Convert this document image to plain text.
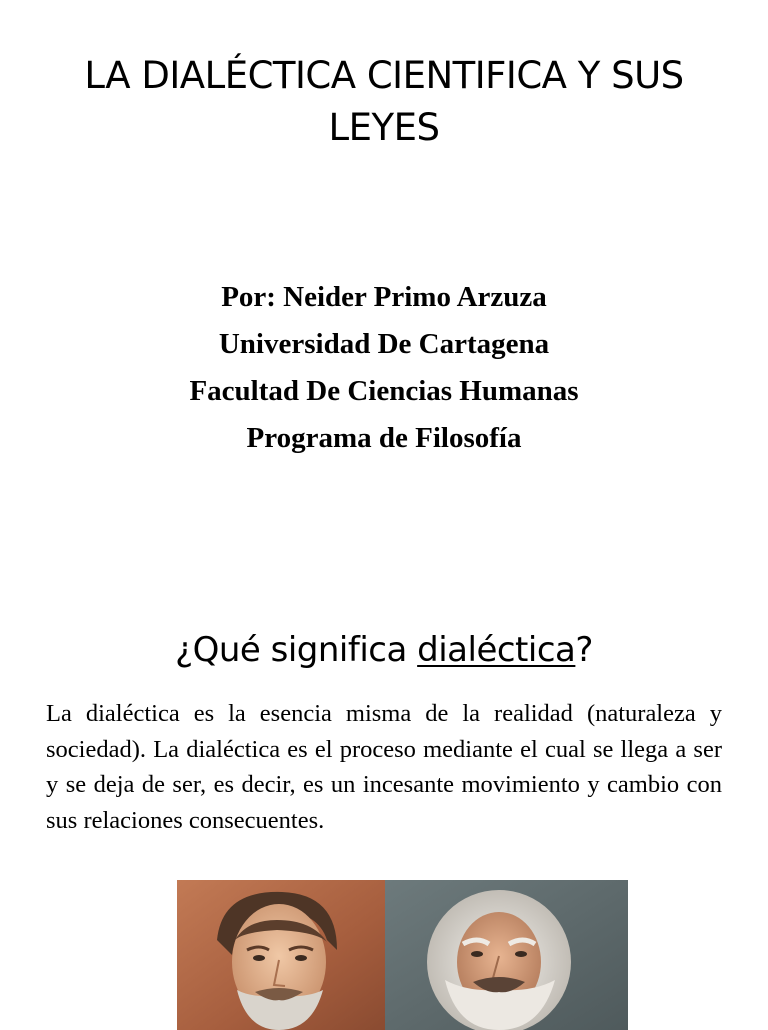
LA DIALÉCTICA CIENTIFICA Y SUS LEYES
Por: Neider Primo Arzuza
Universidad De Cartagena
Facultad De Ciencias Humanas
Programa de Filosofía
¿Qué significa dialéctica?

La dialéctica es la esencia misma de la realidad (naturaleza y sociedad). La dialéctica es el proceso mediante el cual se llega a ser y se deja de ser, es decir, es un incesante movimiento y cambio con sus relaciones consecuentes.
